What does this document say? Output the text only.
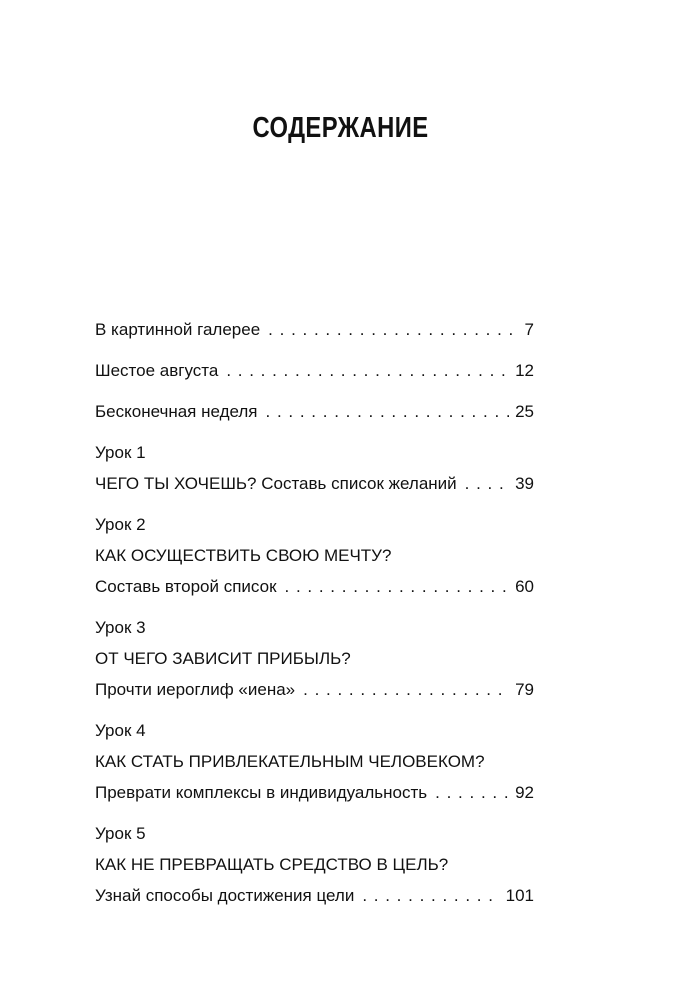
СОДЕРЖАНИЕ
В картинной галерее . . .	7
Шестое августа . . .	12
Бесконечная неделя . . .	25
Урок 1
ЧЕГО ТЫ ХОЧЕШЬ? Составь список желаний . . .	39
Урок 2
КАК ОСУЩЕСТВИТЬ СВОЮ МЕЧТУ?
Составь второй список . . .	60
Урок 3
ОТ ЧЕГО ЗАВИСИТ ПРИБЫЛЬ?
Прочти иероглиф «иена» . . .	79
Урок 4
КАК СТАТЬ ПРИВЛЕКАТЕЛЬНЫМ ЧЕЛОВЕКОМ?
Преврати комплексы в индивидуальность . . .	92
Урок 5
КАК НЕ ПРЕВРАЩАТЬ СРЕДСТВО В ЦЕЛЬ?
Узнай способы достижения цели . . .	101
